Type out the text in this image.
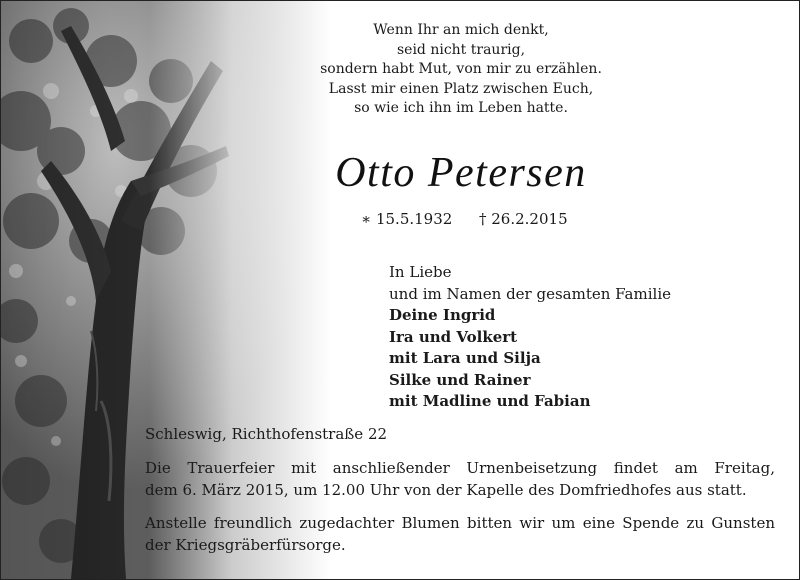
Wenn Ihr an mich denkt,
seid nicht traurig,
sondern habt Mut, von mir zu erzählen.
Lasst mir einen Platz zwischen Euch,
so wie ich ihn im Leben hatte.
Otto Petersen
∗ 15.5.1932 † 26.2.2015
In Liebe
und im Namen der gesamten Familie
Deine Ingrid
Ira und Volkert
mit Lara und Silja
Silke und Rainer
mit Madline und Fabian
Schleswig, Richthofenstraße 22
Die Trauerfeier mit anschließender Urnenbeisetzung findet am Freitag,
dem 6. März 2015, um 12.00 Uhr von der Kapelle des Domfriedhofes aus statt.
Anstelle freundlich zugedachter Blumen bitten wir um eine Spende zu Gunsten
der Kriegsgräberfürsorge.
